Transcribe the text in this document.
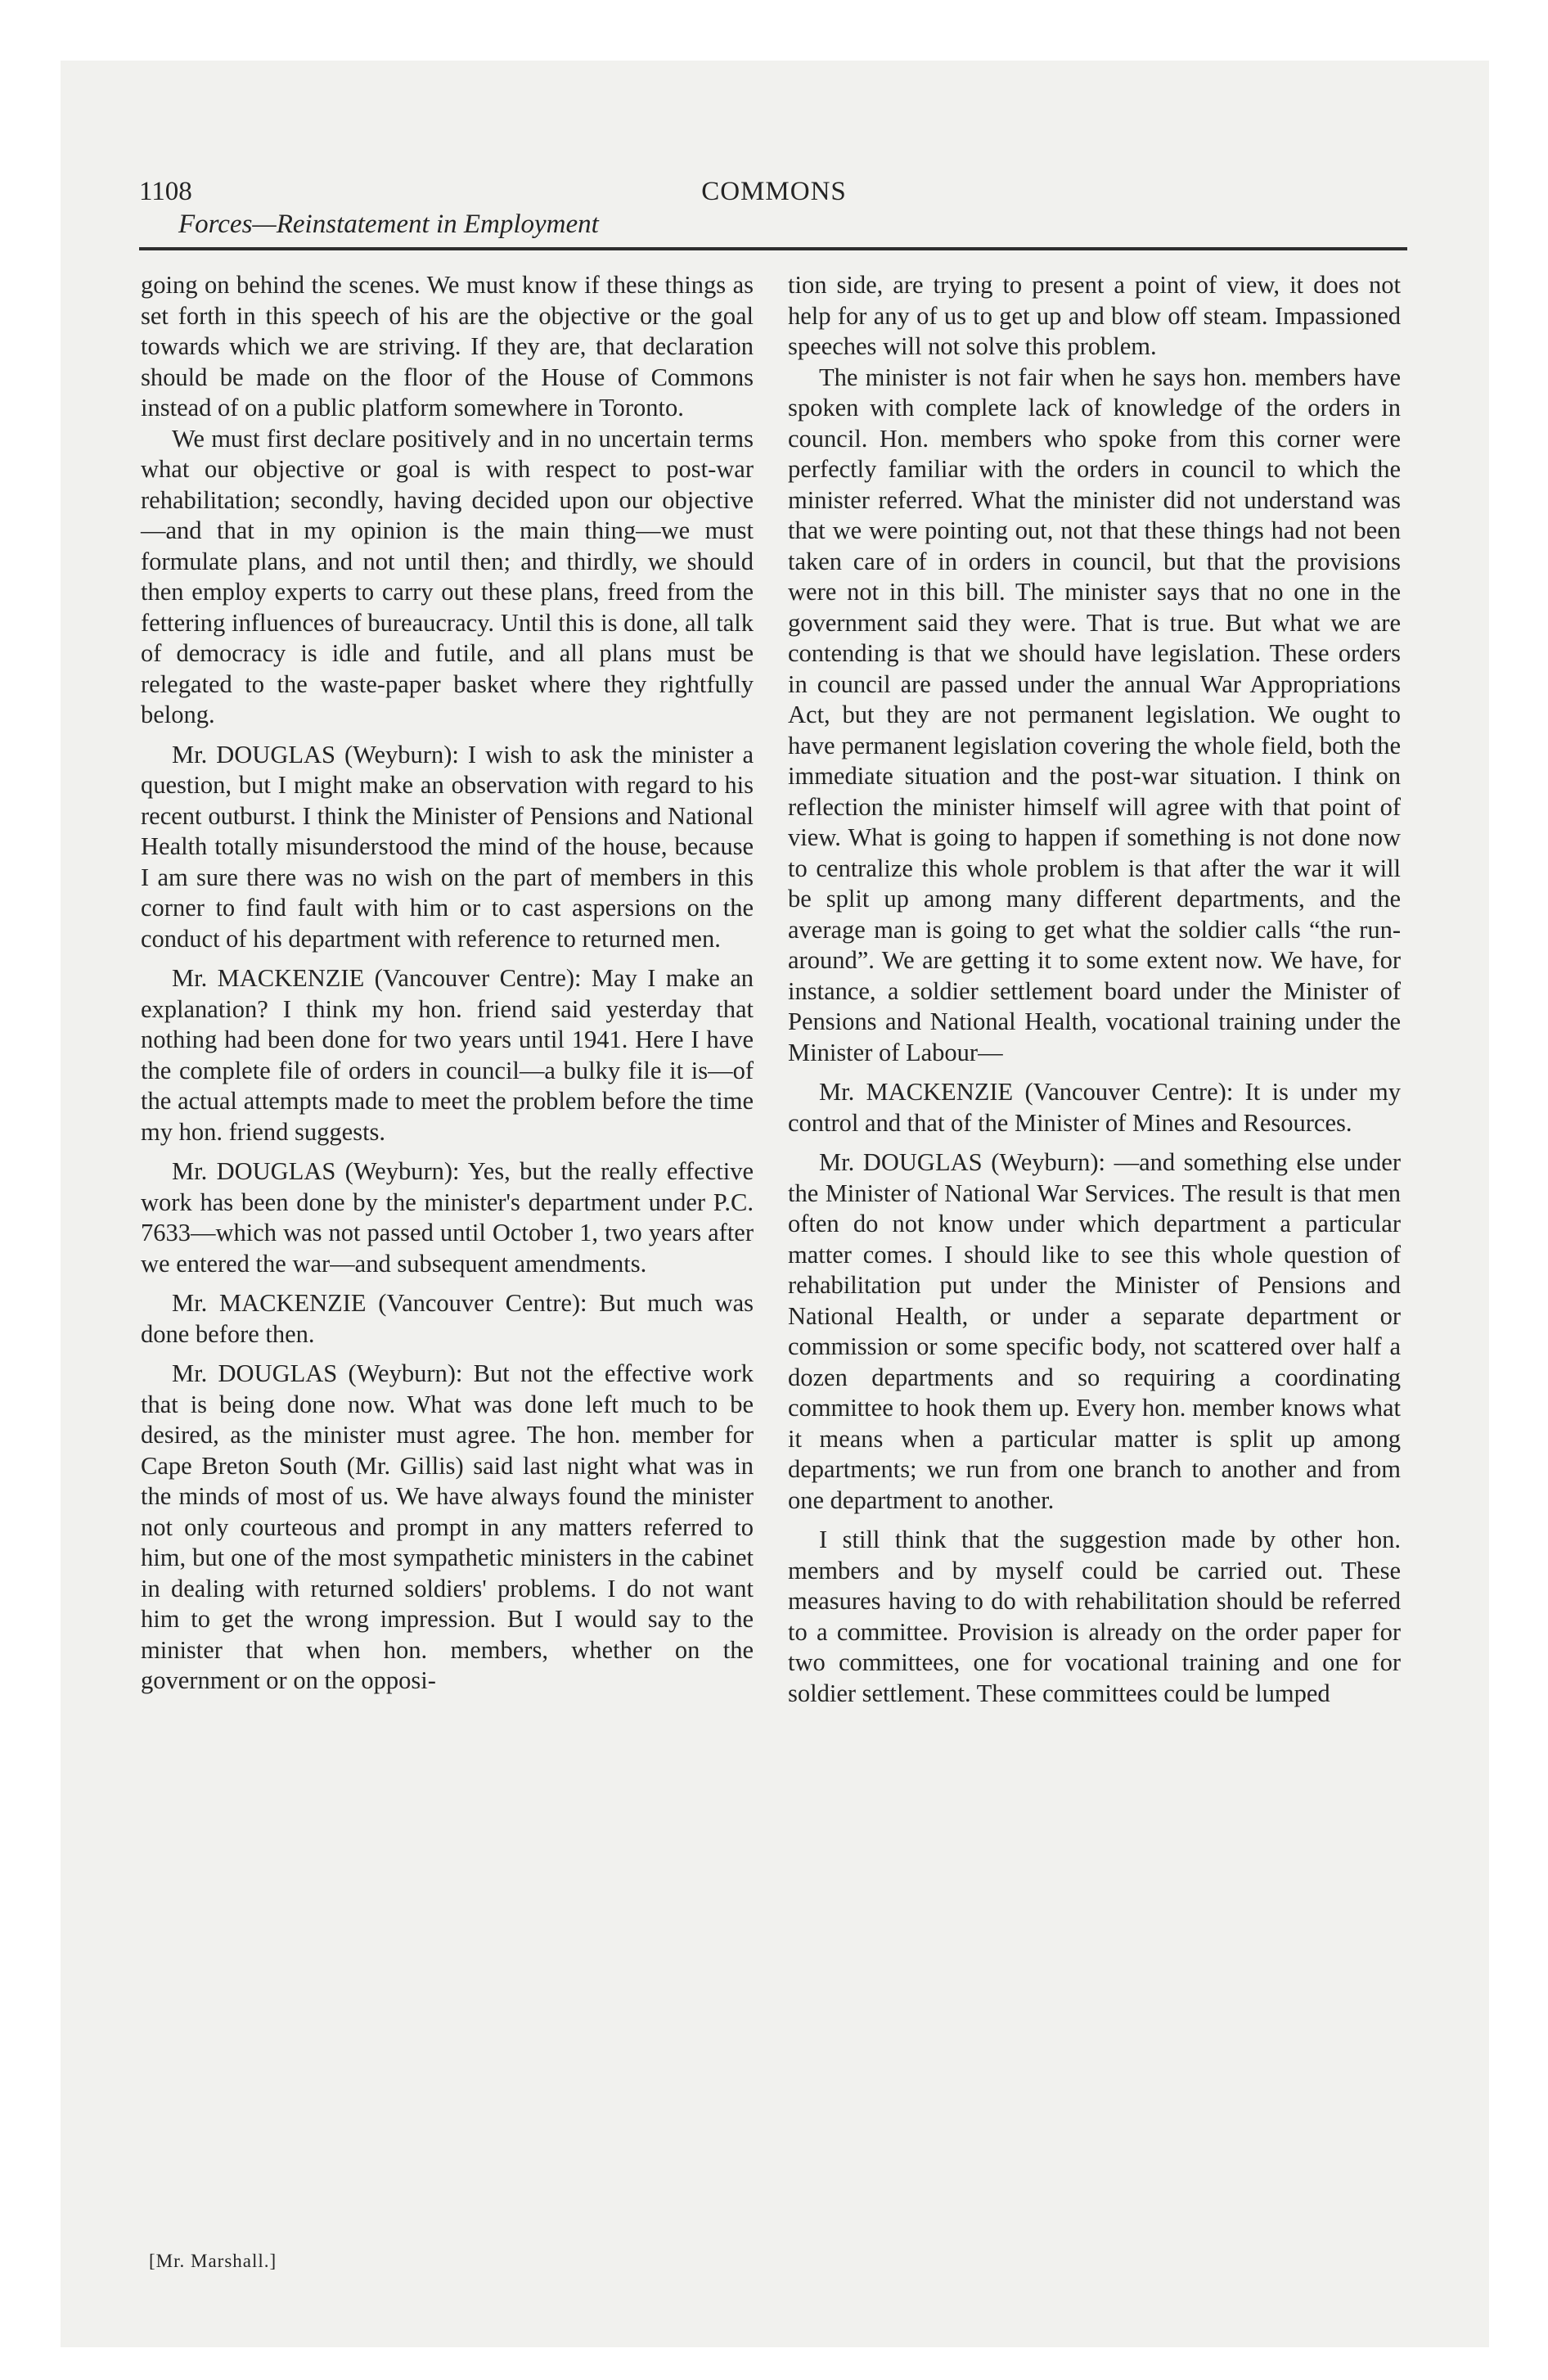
1108	COMMONS
Forces—Reinstatement in Employment

going on behind the scenes. We must know if these things as set forth in this speech of his are the objective or the goal towards which we are striving. If they are, that declaration should be made on the floor of the House of Commons instead of on a public platform somewhere in Toronto.

We must first declare positively and in no uncertain terms what our objective or goal is with respect to post-war rehabilitation; secondly, having decided upon our objective—and that in my opinion is the main thing—we must formulate plans, and not until then; and thirdly, we should then employ experts to carry out these plans, freed from the fettering influences of bureaucracy. Until this is done, all talk of democracy is idle and futile, and all plans must be relegated to the waste-paper basket where they rightfully belong.

Mr. DOUGLAS (Weyburn): I wish to ask the minister a question, but I might make an observation with regard to his recent outburst. I think the Minister of Pensions and National Health totally misunderstood the mind of the house, because I am sure there was no wish on the part of members in this corner to find fault with him or to cast aspersions on the conduct of his department with reference to returned men.

Mr. MACKENZIE (Vancouver Centre): May I make an explanation? I think my hon. friend said yesterday that nothing had been done for two years until 1941. Here I have the complete file of orders in council—a bulky file it is—of the actual attempts made to meet the problem before the time my hon. friend suggests.

Mr. DOUGLAS (Weyburn): Yes, but the really effective work has been done by the minister's department under P.C. 7633—which was not passed until October 1, two years after we entered the war—and subsequent amendments.

Mr. MACKENZIE (Vancouver Centre): But much was done before then.

Mr. DOUGLAS (Weyburn): But not the effective work that is being done now. What was done left much to be desired, as the minister must agree. The hon. member for Cape Breton South (Mr. Gillis) said last night what was in the minds of most of us. We have always found the minister not only courteous and prompt in any matters referred to him, but one of the most sympathetic ministers in the cabinet in dealing with returned soldiers' problems. I do not want him to get the wrong impression. But I would say to the minister that when hon. members, whether on the government or on the opposi-

tion side, are trying to present a point of view, it does not help for any of us to get up and blow off steam. Impassioned speeches will not solve this problem.

The minister is not fair when he says hon. members have spoken with complete lack of knowledge of the orders in council. Hon. members who spoke from this corner were perfectly familiar with the orders in council to which the minister referred. What the minister did not understand was that we were pointing out, not that these things had not been taken care of in orders in council, but that the provisions were not in this bill. The minister says that no one in the government said they were. That is true. But what we are contending is that we should have legislation. These orders in council are passed under the annual War Appropriations Act, but they are not permanent legislation. We ought to have permanent legislation covering the whole field, both the immediate situation and the post-war situation. I think on reflection the minister himself will agree with that point of view. What is going to happen if something is not done now to centralize this whole problem is that after the war it will be split up among many different departments, and the average man is going to get what the soldier calls “the run-around”. We are getting it to some extent now. We have, for instance, a soldier settlement board under the Minister of Pensions and National Health, vocational training under the Minister of Labour—

Mr. MACKENZIE (Vancouver Centre): It is under my control and that of the Minister of Mines and Resources.

Mr. DOUGLAS (Weyburn): —and something else under the Minister of National War Services. The result is that men often do not know under which department a particular matter comes. I should like to see this whole question of rehabilitation put under the Minister of Pensions and National Health, or under a separate department or commission or some specific body, not scattered over half a dozen departments and so requiring a coordinating committee to hook them up. Every hon. member knows what it means when a particular matter is split up among departments; we run from one branch to another and from one department to another.

I still think that the suggestion made by other hon. members and by myself could be carried out. These measures having to do with rehabilitation should be referred to a committee. Provision is already on the order paper for two committees, one for vocational training and one for soldier settlement. These committees could be lumped

[Mr. Marshall.]
